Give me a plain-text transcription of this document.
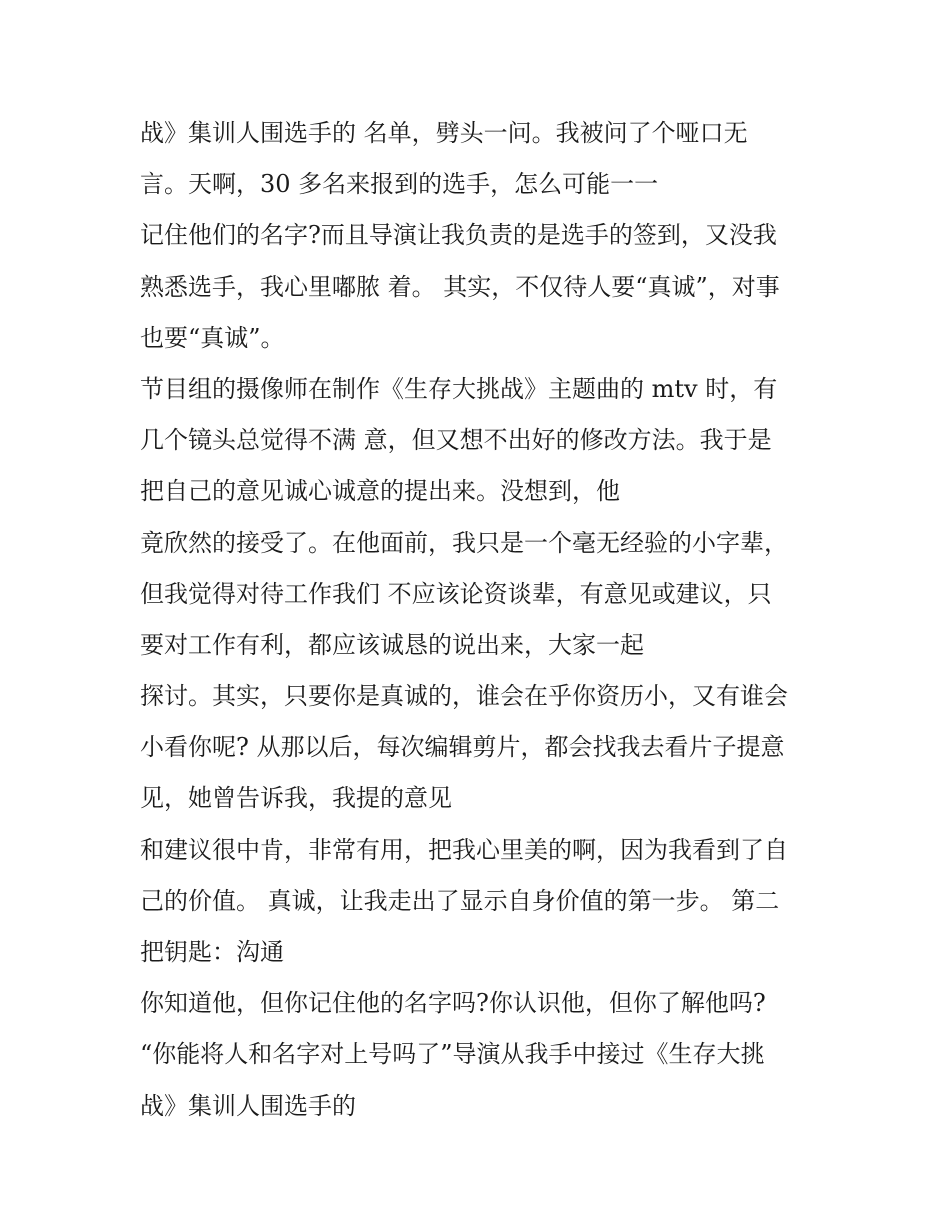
战》集训人围选手的 名单，劈头一问。我被问了个哑口无
言。天啊，30 多名来报到的选手，怎么可能一一
记住他们的名字?而且导演让我负责的是选手的签到，又没我
熟悉选手，我心里嘟脓 着。 其实，不仅待人要“真诚”，对事
也要“真诚”。
节目组的摄像师在制作《生存大挑战》主题曲的 mtv 时，有
几个镜头总觉得不满 意，但又想不出好的修改方法。我于是
把自己的意见诚心诚意的提出来。没想到，他
竟欣然的接受了。在他面前，我只是一个毫无经验的小字辈，
但我觉得对待工作我们 不应该论资谈辈，有意见或建议，只
要对工作有利，都应该诚恳的说出来，大家一起
探讨。其实，只要你是真诚的，谁会在乎你资历小，又有谁会
小看你呢? 从那以后，每次编辑剪片，都会找我去看片子提意
见，她曾告诉我，我提的意见
和建议很中肯，非常有用，把我心里美的啊，因为我看到了自
己的价值。 真诚，让我走出了显示自身价值的第一步。 第二
把钥匙：沟通
你知道他，但你记住他的名字吗?你认识他，但你了解他吗?
“你能将人和名字对上号吗了”导演从我手中接过《生存大挑
战》集训人围选手的
